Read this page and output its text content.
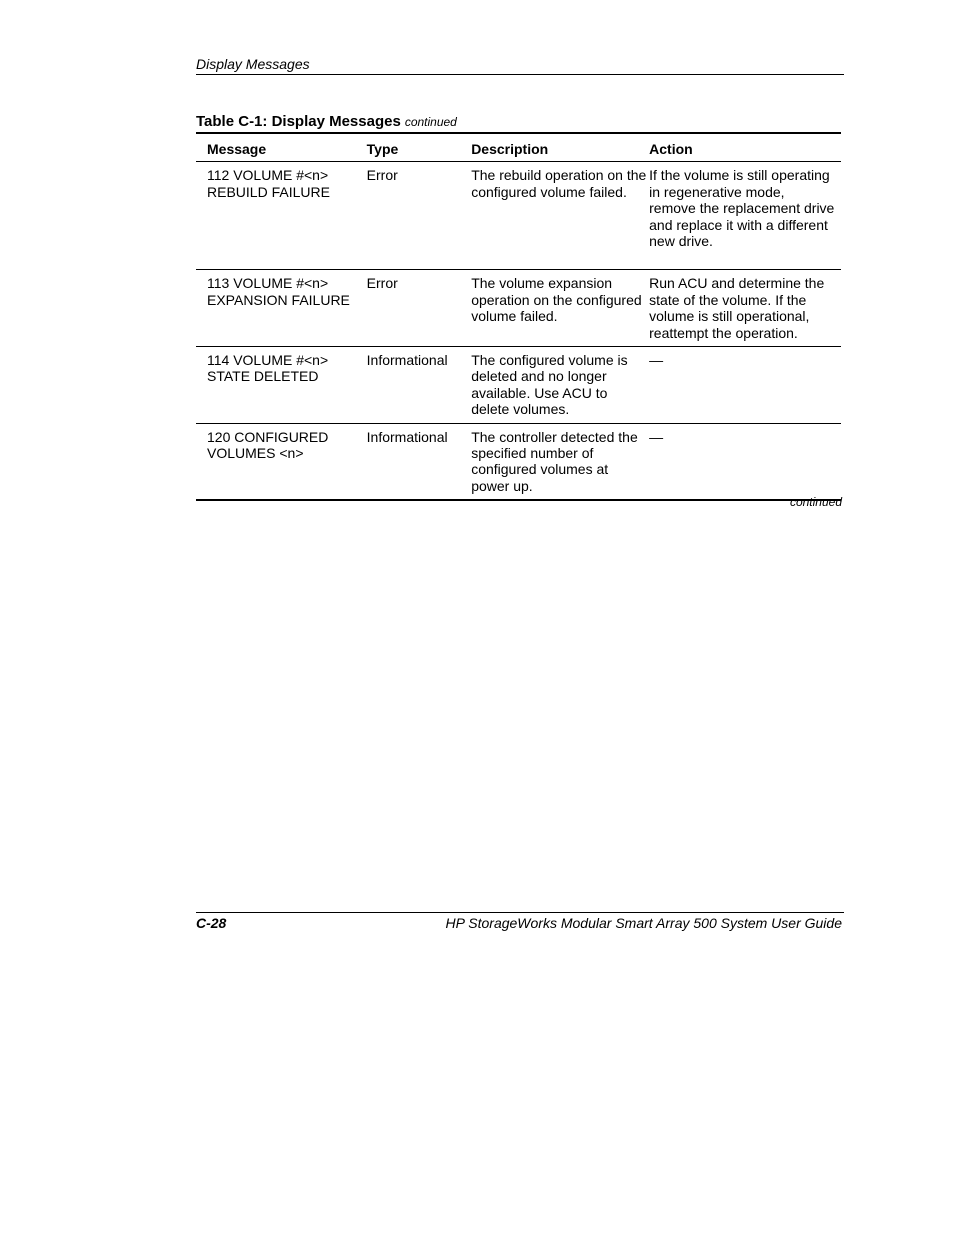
Display Messages
Table C-1: Display Messages continued
Message	Type	Description	Action
112 VOLUME #<n> REBUILD FAILURE	Error	The rebuild operation on the configured volume failed.	If the volume is still operating in regenerative mode, remove the replacement drive and replace it with a different new drive.
113 VOLUME #<n> EXPANSION FAILURE	Error	The volume expansion operation on the configured volume failed.	Run ACU and determine the state of the volume. If the volume is still operational, reattempt the operation.
114 VOLUME #<n> STATE DELETED	Informational	The configured volume is deleted and no longer available. Use ACU to delete volumes.	—
120 CONFIGURED VOLUMES <n>	Informational	The controller detected the specified number of configured volumes at power up.	—
continued
C-28	HP StorageWorks Modular Smart Array 500 System User Guide
